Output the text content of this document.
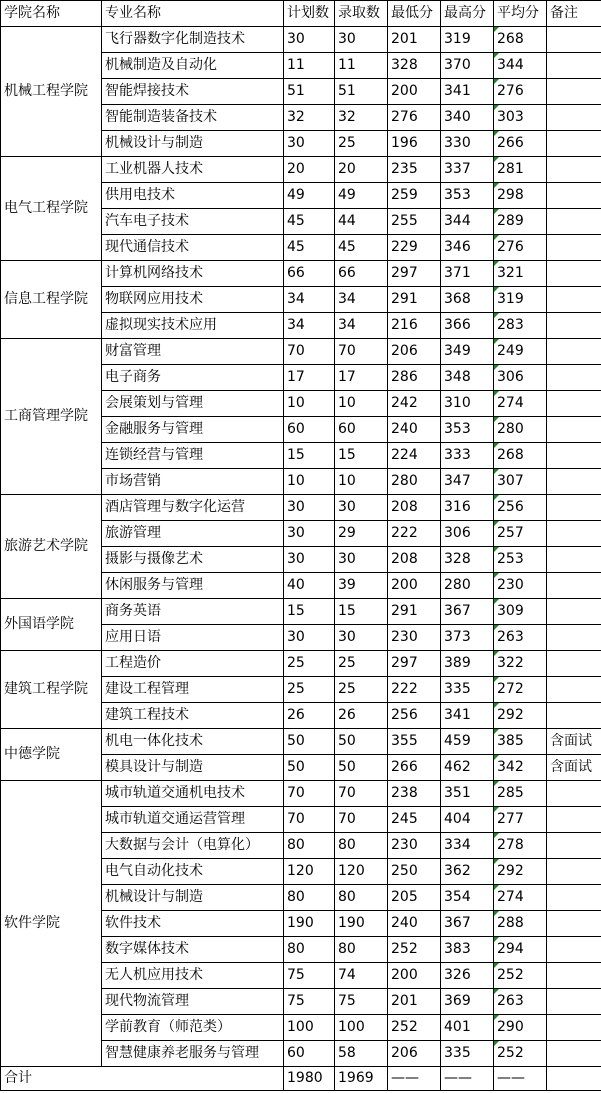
学院名称	专业名称	计划数	录取数	最低分	最高分	平均分	备注
机械工程学院	飞行器数字化制造技术	30	30	201	319	268	
	机械制造及自动化	11	11	328	370	344	
	智能焊接技术	51	51	200	341	276	
	智能制造装备技术	32	32	276	340	303	
	机械设计与制造	30	25	196	330	266	
电气工程学院	工业机器人技术	20	20	235	337	281	
	供用电技术	49	49	259	353	298	
	汽车电子技术	45	44	255	344	289	
	现代通信技术	45	45	229	346	276	
信息工程学院	计算机网络技术	66	66	297	371	321	
	物联网应用技术	34	34	291	368	319	
	虚拟现实技术应用	34	34	216	366	283	
工商管理学院	财富管理	70	70	206	349	249	
	电子商务	17	17	286	348	306	
	会展策划与管理	10	10	242	310	274	
	金融服务与管理	60	60	240	353	280	
	连锁经营与管理	15	15	224	333	268	
	市场营销	10	10	280	347	307	
旅游艺术学院	酒店管理与数字化运营	30	30	208	316	256	
	旅游管理	30	29	222	306	257	
	摄影与摄像艺术	30	30	208	328	253	
	休闲服务与管理	40	39	200	280	230	
外国语学院	商务英语	15	15	291	367	309	
	应用日语	30	30	230	373	263	
建筑工程学院	工程造价	25	25	297	389	322	
	建设工程管理	25	25	222	335	272	
	建筑工程技术	26	26	256	341	292	
中德学院	机电一体化技术	50	50	355	459	385	含面试
	模具设计与制造	50	50	266	462	342	含面试
软件学院	城市轨道交通机电技术	70	70	238	351	285	
	城市轨道交通运营管理	70	70	245	404	277	
	大数据与会计（电算化）	80	80	230	334	278	
	电气自动化技术	120	120	250	362	292	
	机械设计与制造	80	80	205	354	274	
	软件技术	190	190	240	367	288	
	数字媒体技术	80	80	252	383	294	
	无人机应用技术	75	74	200	326	252	
	现代物流管理	75	75	201	369	263	
	学前教育（师范类）	100	100	252	401	290	
	智慧健康养老服务与管理	60	58	206	335	252	
合计		1980	1969	——	——	——	
